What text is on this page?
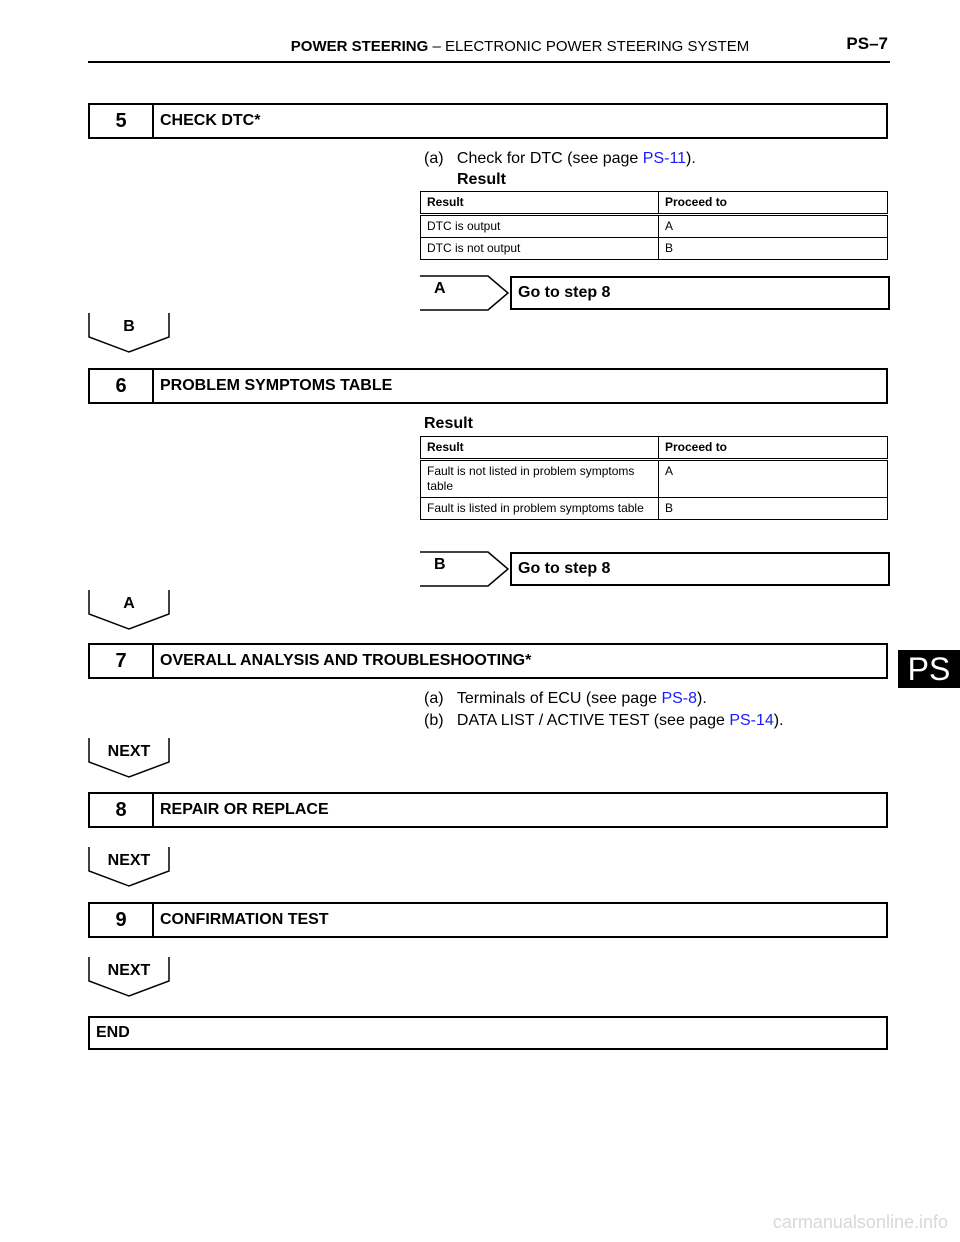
POWER STEERING – ELECTRONIC POWER STEERING SYSTEM	PS–7
5	CHECK DTC*
(a) Check for DTC (see page PS-11).
Result
Result	Proceed to
DTC is output	A
DTC is not output	B
A	Go to step 8
B
6	PROBLEM SYMPTOMS TABLE
Result
Result	Proceed to
Fault is not listed in problem symptoms table	A
Fault is listed in problem symptoms table	B
B	Go to step 8
A
7	OVERALL ANALYSIS AND TROUBLESHOOTING*
(a) Terminals of ECU (see page PS-8).
(b) DATA LIST / ACTIVE TEST (see page PS-14).
NEXT
8	REPAIR OR REPLACE
NEXT
9	CONFIRMATION TEST
NEXT
END
PS
carmanualsonline.info
